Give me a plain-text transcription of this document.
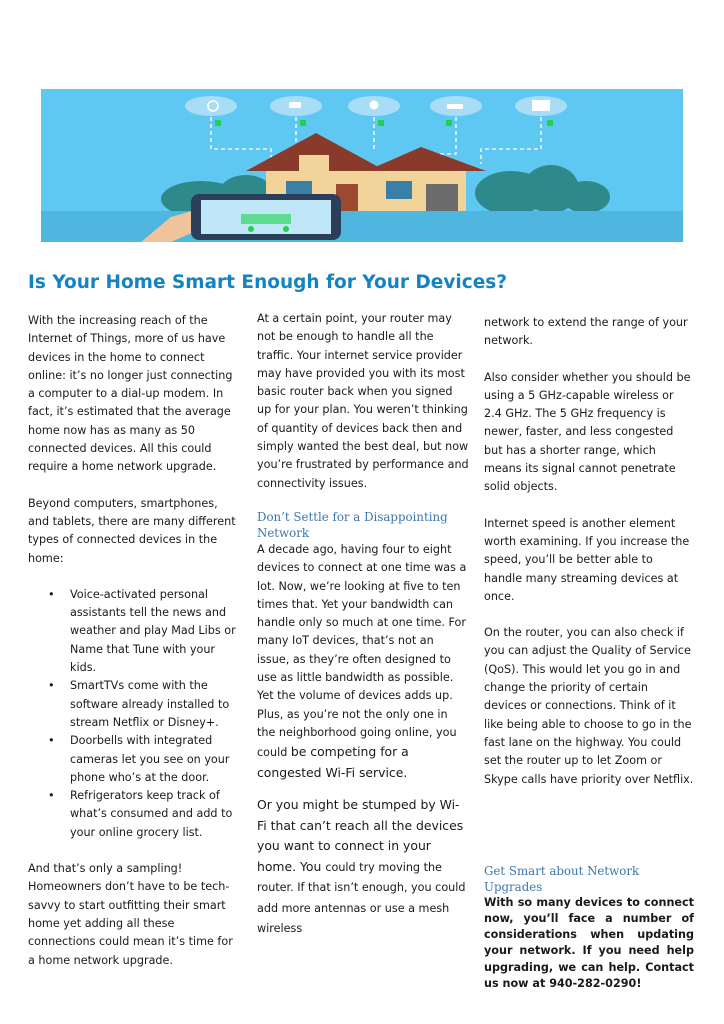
Is Your Home Smart Enough for Your Devices?

With the increasing reach of the Internet of Things, more of us have devices in the home to connect online: it’s no longer just connecting a computer to a dial-up modem. In fact, it’s estimated that the average home now has as many as 50 connected devices. All this could require a home network upgrade.

Beyond computers, smartphones, and tablets, there are many different types of connected devices in the home:

• Voice-activated personal assistants tell the news and weather and play Mad Libs or Name that Tune with your kids.
• SmartTVs come with the software already installed to stream Netflix or Disney+.
• Doorbells with integrated cameras let you see on your phone who’s at the door.
• Refrigerators keep track of what’s consumed and add to your online grocery list.

And that’s only a sampling! Homeowners don’t have to be tech-savvy to start outfitting their smart home yet adding all these connections could mean it’s time for a home network upgrade.

At a certain point, your router may not be enough to handle all the traffic. Your internet service provider may have provided you with its most basic router back when you signed up for your plan. You weren’t thinking of quantity of devices back then and simply wanted the best deal, but now you’re frustrated by performance and connectivity issues.

Don’t Settle for a Disappointing Network

A decade ago, having four to eight devices to connect at one time was a lot. Now, we’re looking at five to ten times that. Yet your bandwidth can handle only so much at one time. For many IoT devices, that’s not an issue, as they’re often designed to use as little bandwidth as possible. Yet the volume of devices adds up. Plus, as you’re not the only one in the neighborhood going online, you could be competing for a congested Wi-Fi service.

Or you might be stumped by Wi-Fi that can’t reach all the devices you want to connect in your home. You could try moving the router. If that isn’t enough, you could add more antennas or use a mesh wireless

network to extend the range of your network.

Also consider whether you should be using a 5 GHz-capable wireless or 2.4 GHz. The 5 GHz frequency is newer, faster, and less congested but has a shorter range, which means its signal cannot penetrate solid objects.

Internet speed is another element worth examining. If you increase the speed, you’ll be better able to handle many streaming devices at once.

On the router, you can also check if you can adjust the Quality of Service (QoS). This would let you go in and change the priority of certain devices or connections. Think of it like being able to choose to go in the fast lane on the highway. You could set the router up to let Zoom or Skype calls have priority over Netflix.

Get Smart about Network Upgrades

With so many devices to connect now, you’ll face a number of considerations when updating your network. If you need help upgrading, we can help. Contact us now at 940-282-0290!
